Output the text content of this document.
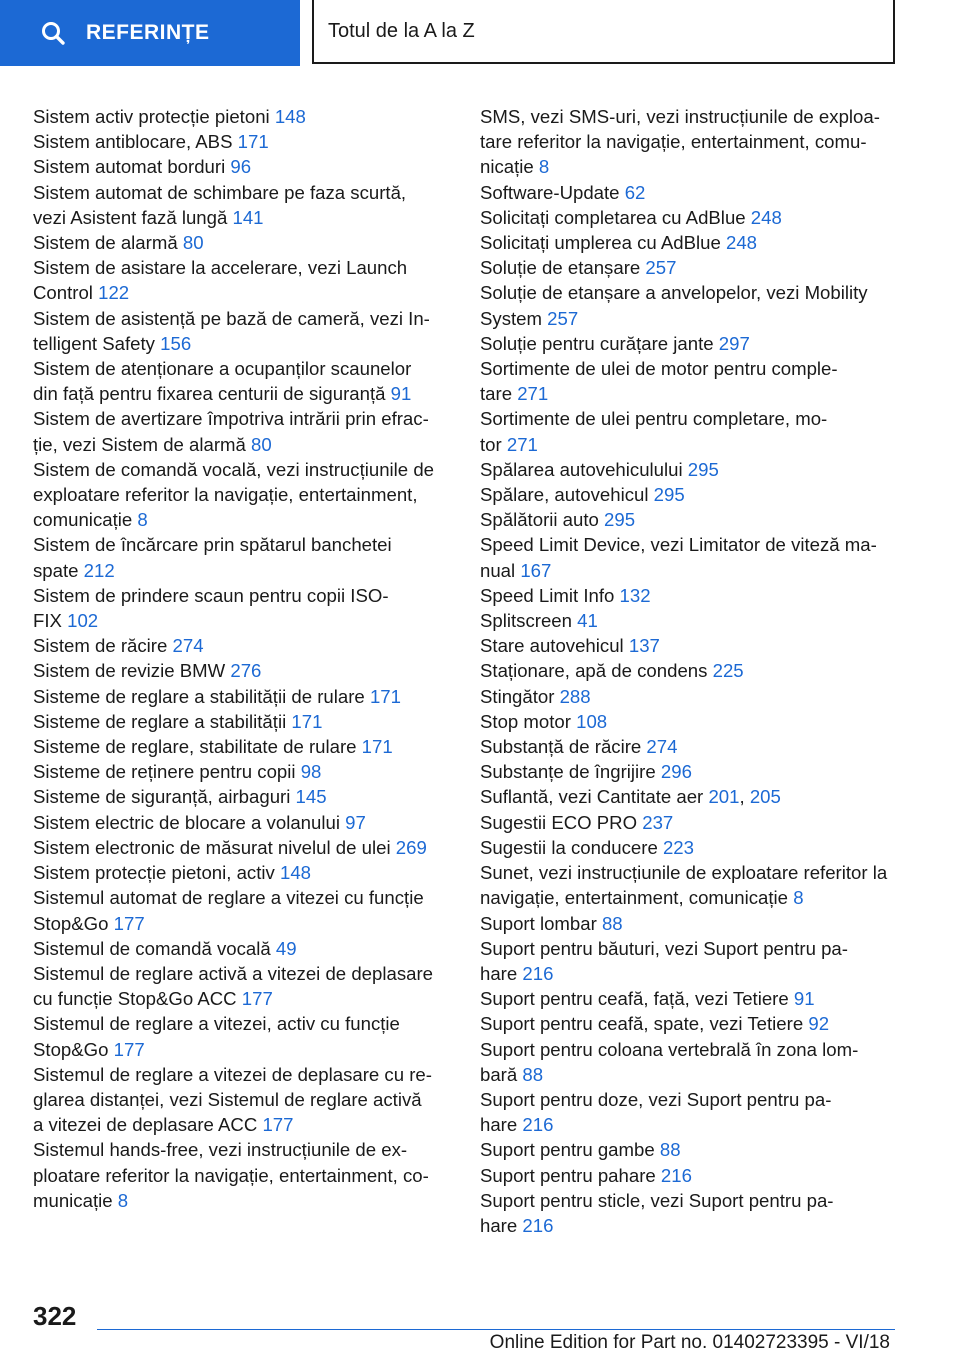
REFERINȚE	Totul de la A la Z
Sistem activ protecție pietoni 148
Sistem antiblocare, ABS 171
Sistem automat borduri 96
Sistem automat de schimbare pe faza scurtă,
vezi Asistent fază lungă 141
Sistem de alarmă 80
Sistem de asistare la accelerare, vezi Launch
Control 122
Sistem de asistență pe bază de cameră, vezi In-
telligent Safety 156
Sistem de atenționare a ocupanților scaunelor
din față pentru fixarea centurii de siguranță 91
Sistem de avertizare împotriva intrării prin efrac-
ție, vezi Sistem de alarmă 80
Sistem de comandă vocală, vezi instrucțiunile de
exploatare referitor la navigație, entertainment,
comunicație 8
Sistem de încărcare prin spătarul banchetei
spate 212
Sistem de prindere scaun pentru copii ISO-
FIX 102
Sistem de răcire 274
Sistem de revizie BMW 276
Sisteme de reglare a stabilității de rulare 171
Sisteme de reglare a stabilității 171
Sisteme de reglare, stabilitate de rulare 171
Sisteme de reținere pentru copii 98
Sisteme de siguranță, airbaguri 145
Sistem electric de blocare a volanului 97
Sistem electronic de măsurat nivelul de ulei 269
Sistem protecție pietoni, activ 148
Sistemul automat de reglare a vitezei cu funcție
Stop&Go 177
Sistemul de comandă vocală 49
Sistemul de reglare activă a vitezei de deplasare
cu funcție Stop&Go ACC 177
Sistemul de reglare a vitezei, activ cu funcție
Stop&Go 177
Sistemul de reglare a vitezei de deplasare cu re-
glarea distanței, vezi Sistemul de reglare activă
a vitezei de deplasare ACC 177
Sistemul hands-free, vezi instrucțiunile de ex-
ploatare referitor la navigație, entertainment, co-
municație 8
SMS, vezi SMS-uri, vezi instrucțiunile de exploa-
tare referitor la navigație, entertainment, comu-
nicație 8
Software-Update 62
Solicitați completarea cu AdBlue 248
Solicitați umplerea cu AdBlue 248
Soluție de etanșare 257
Soluție de etanșare a anvelopelor, vezi Mobility
System 257
Soluție pentru curățare jante 297
Sortimente de ulei de motor pentru comple-
tare 271
Sortimente de ulei pentru completare, mo-
tor 271
Spălarea autovehiculului 295
Spălare, autovehicul 295
Spălătorii auto 295
Speed Limit Device, vezi Limitator de viteză ma-
nual 167
Speed Limit Info 132
Splitscreen 41
Stare autovehicul 137
Staționare, apă de condens 225
Stingător 288
Stop motor 108
Substanță de răcire 274
Substanțe de îngrijire 296
Suflantă, vezi Cantitate aer 201, 205
Sugestii ECO PRO 237
Sugestii la conducere 223
Sunet, vezi instrucțiunile de exploatare referitor la
navigație, entertainment, comunicație 8
Suport lombar 88
Suport pentru băuturi, vezi Suport pentru pa-
hare 216
Suport pentru ceafă, față, vezi Tetiere 91
Suport pentru ceafă, spate, vezi Tetiere 92
Suport pentru coloana vertebrală în zona lom-
bară 88
Suport pentru doze, vezi Suport pentru pa-
hare 216
Suport pentru gambe 88
Suport pentru pahare 216
Suport pentru sticle, vezi Suport pentru pa-
hare 216
322
Online Edition for Part no. 01402723395 - VI/18
